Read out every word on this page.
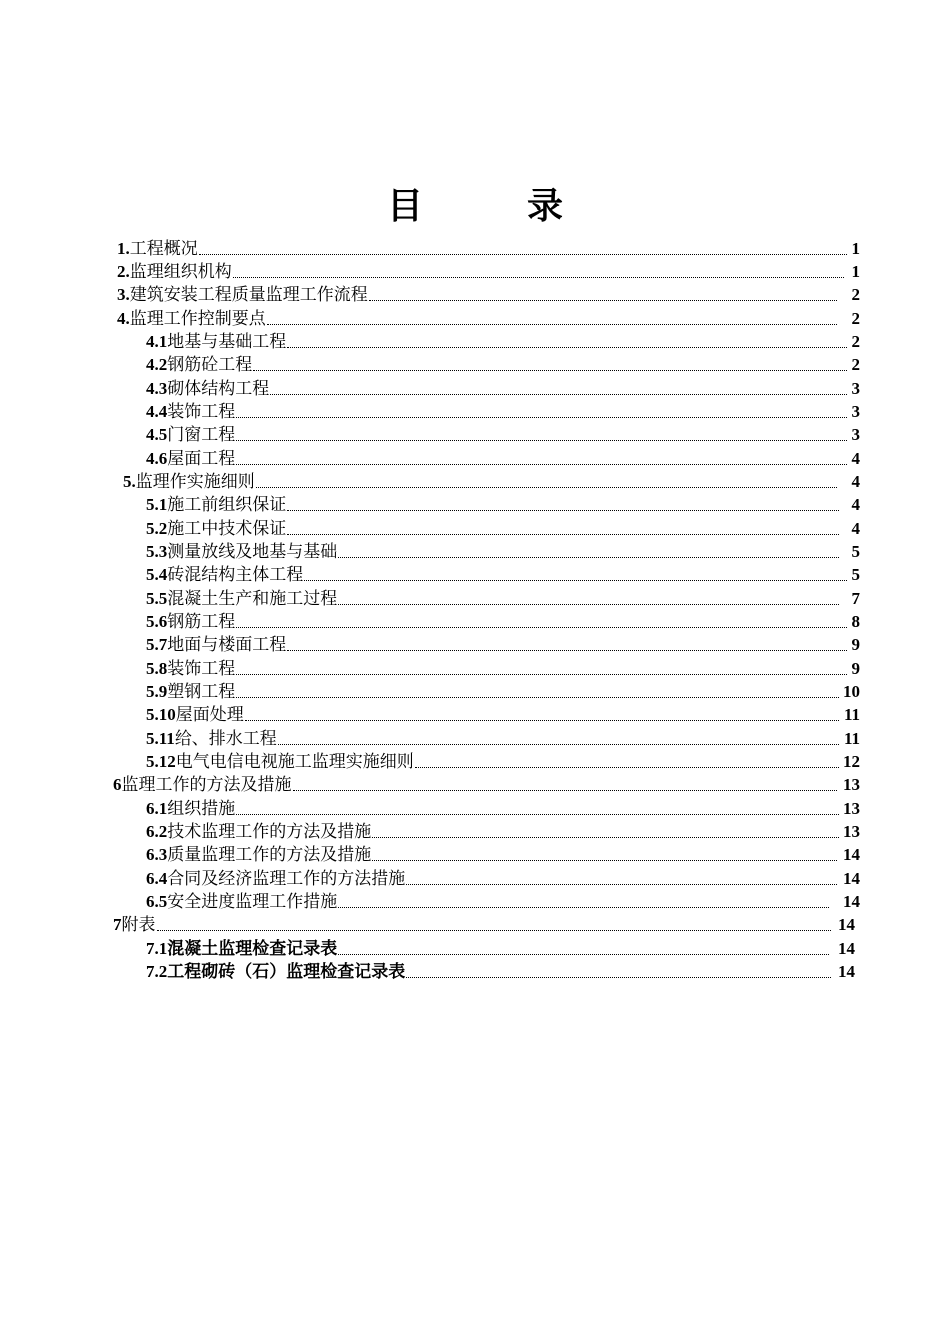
目	录
1. 工程概况	1
2. 监理组织机构	1
3. 建筑安装工程质量监理工作流程	2
4. 监理工作控制要点	2
4.1 地基与基础工程	2
4.2 钢筋砼工程	2
4.3 砌体结构工程	3
4.4 装饰工程	3
4.5 门窗工程	3
4.6 屋面工程	4
5. 监理作实施细则	4
5.1 施工前组织保证	4
5.2 施工中技术保证	4
5.3 测量放线及地基与基础	5
5.4 砖混结构主体工程	5
5.5 混凝土生产和施工过程	7
5.6 钢筋工程	8
5.7 地面与楼面工程	9
5.8 装饰工程	9
5.9 塑钢工程	10
5.10 屋面处理	11
5.11 给、排水工程	11
5.12 电气电信电视施工监理实施细则	12
6 监理工作的方法及措施	13
6.1 组织措施	13
6.2 技术监理工作的方法及措施	13
6.3 质量监理工作的方法及措施	14
6.4 合同及经济监理工作的方法措施	14
6.5 安全进度监理工作措施	14
7 附表	14
7.1 混凝土监理检查记录表	14
7.2 工程砌砖（石）监理检查记录表	14
